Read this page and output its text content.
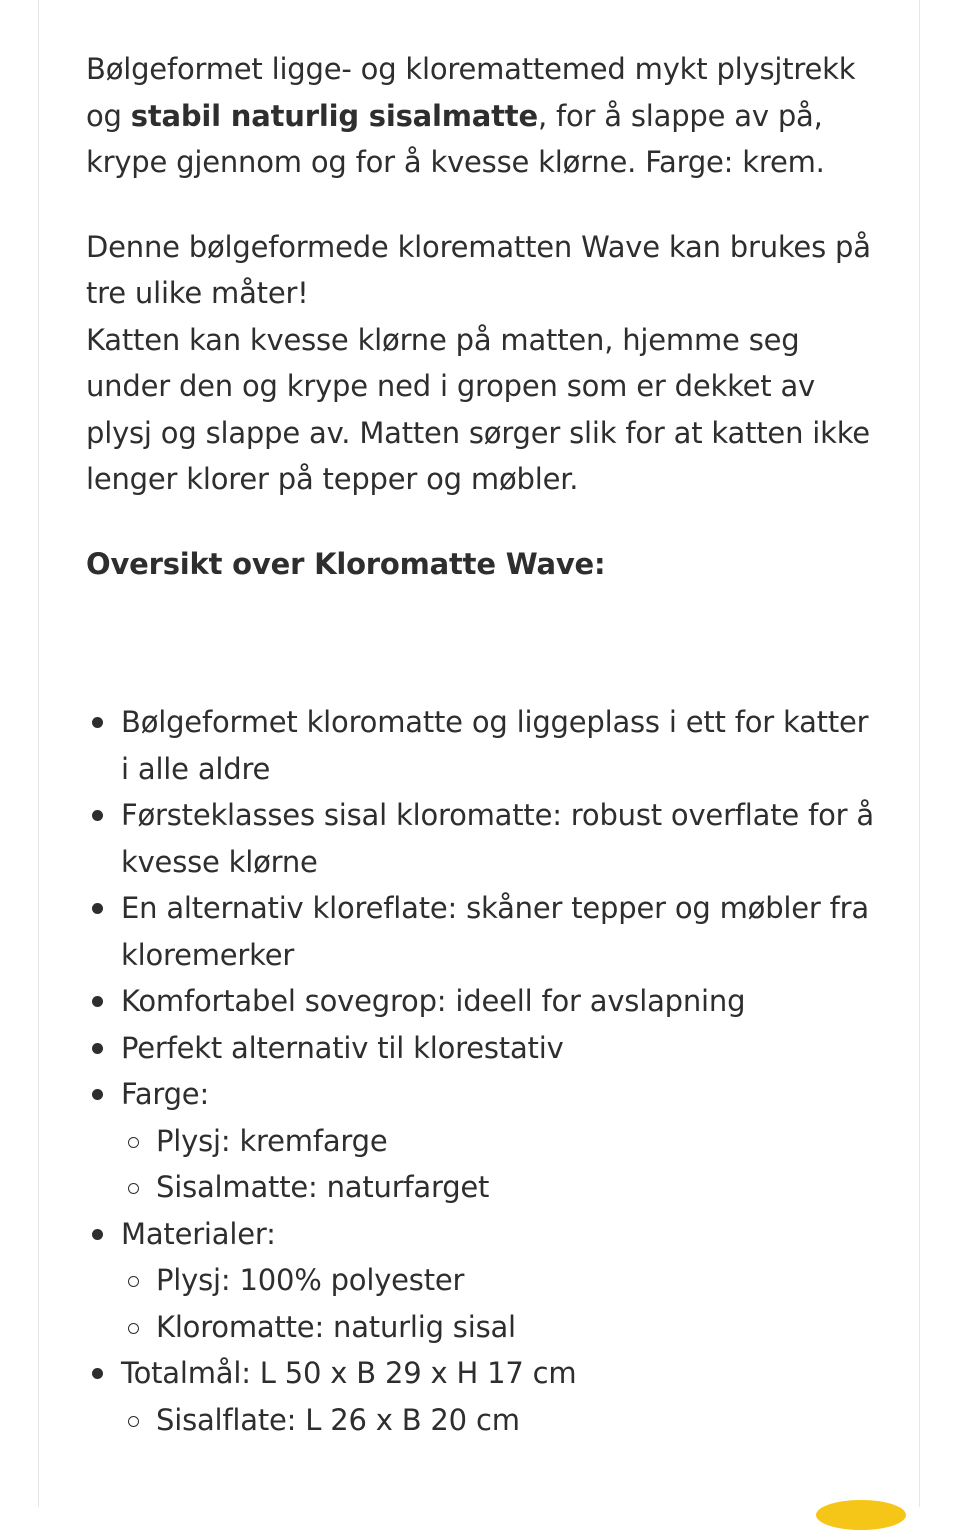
Bølgeformet ligge- og kloremattemed mykt plysjtrekk og stabil naturlig sisalmatte, for å slappe av på, krype gjennom og for å kvesse klørne. Farge: krem.

Denne bølgeformede klorematten Wave kan brukes på tre ulike måter!

Katten kan kvesse klørne på matten, hjemme seg under den og krype ned i gropen som er dekket av plysj og slappe av. Matten sørger slik for at katten ikke lenger klorer på tepper og møbler.

Oversikt over Kloromatte Wave:

Bølgeformet kloromatte og liggeplass i ett for katter i alle aldre
Førsteklasses sisal kloromatte: robust overflate for å kvesse klørne
En alternativ kloreflate: skåner tepper og møbler fra kloremerker
Komfortabel sovegrop: ideell for avslapning
Perfekt alternativ til klorestativ
Farge:
Plysj: kremfarge
Sisalmatte: naturfarget
Materialer:
Plysj: 100% polyester
Kloromatte: naturlig sisal
Totalmål: L 50 x B 29 x H 17 cm
Sisalflate: L 26 x B 20 cm
